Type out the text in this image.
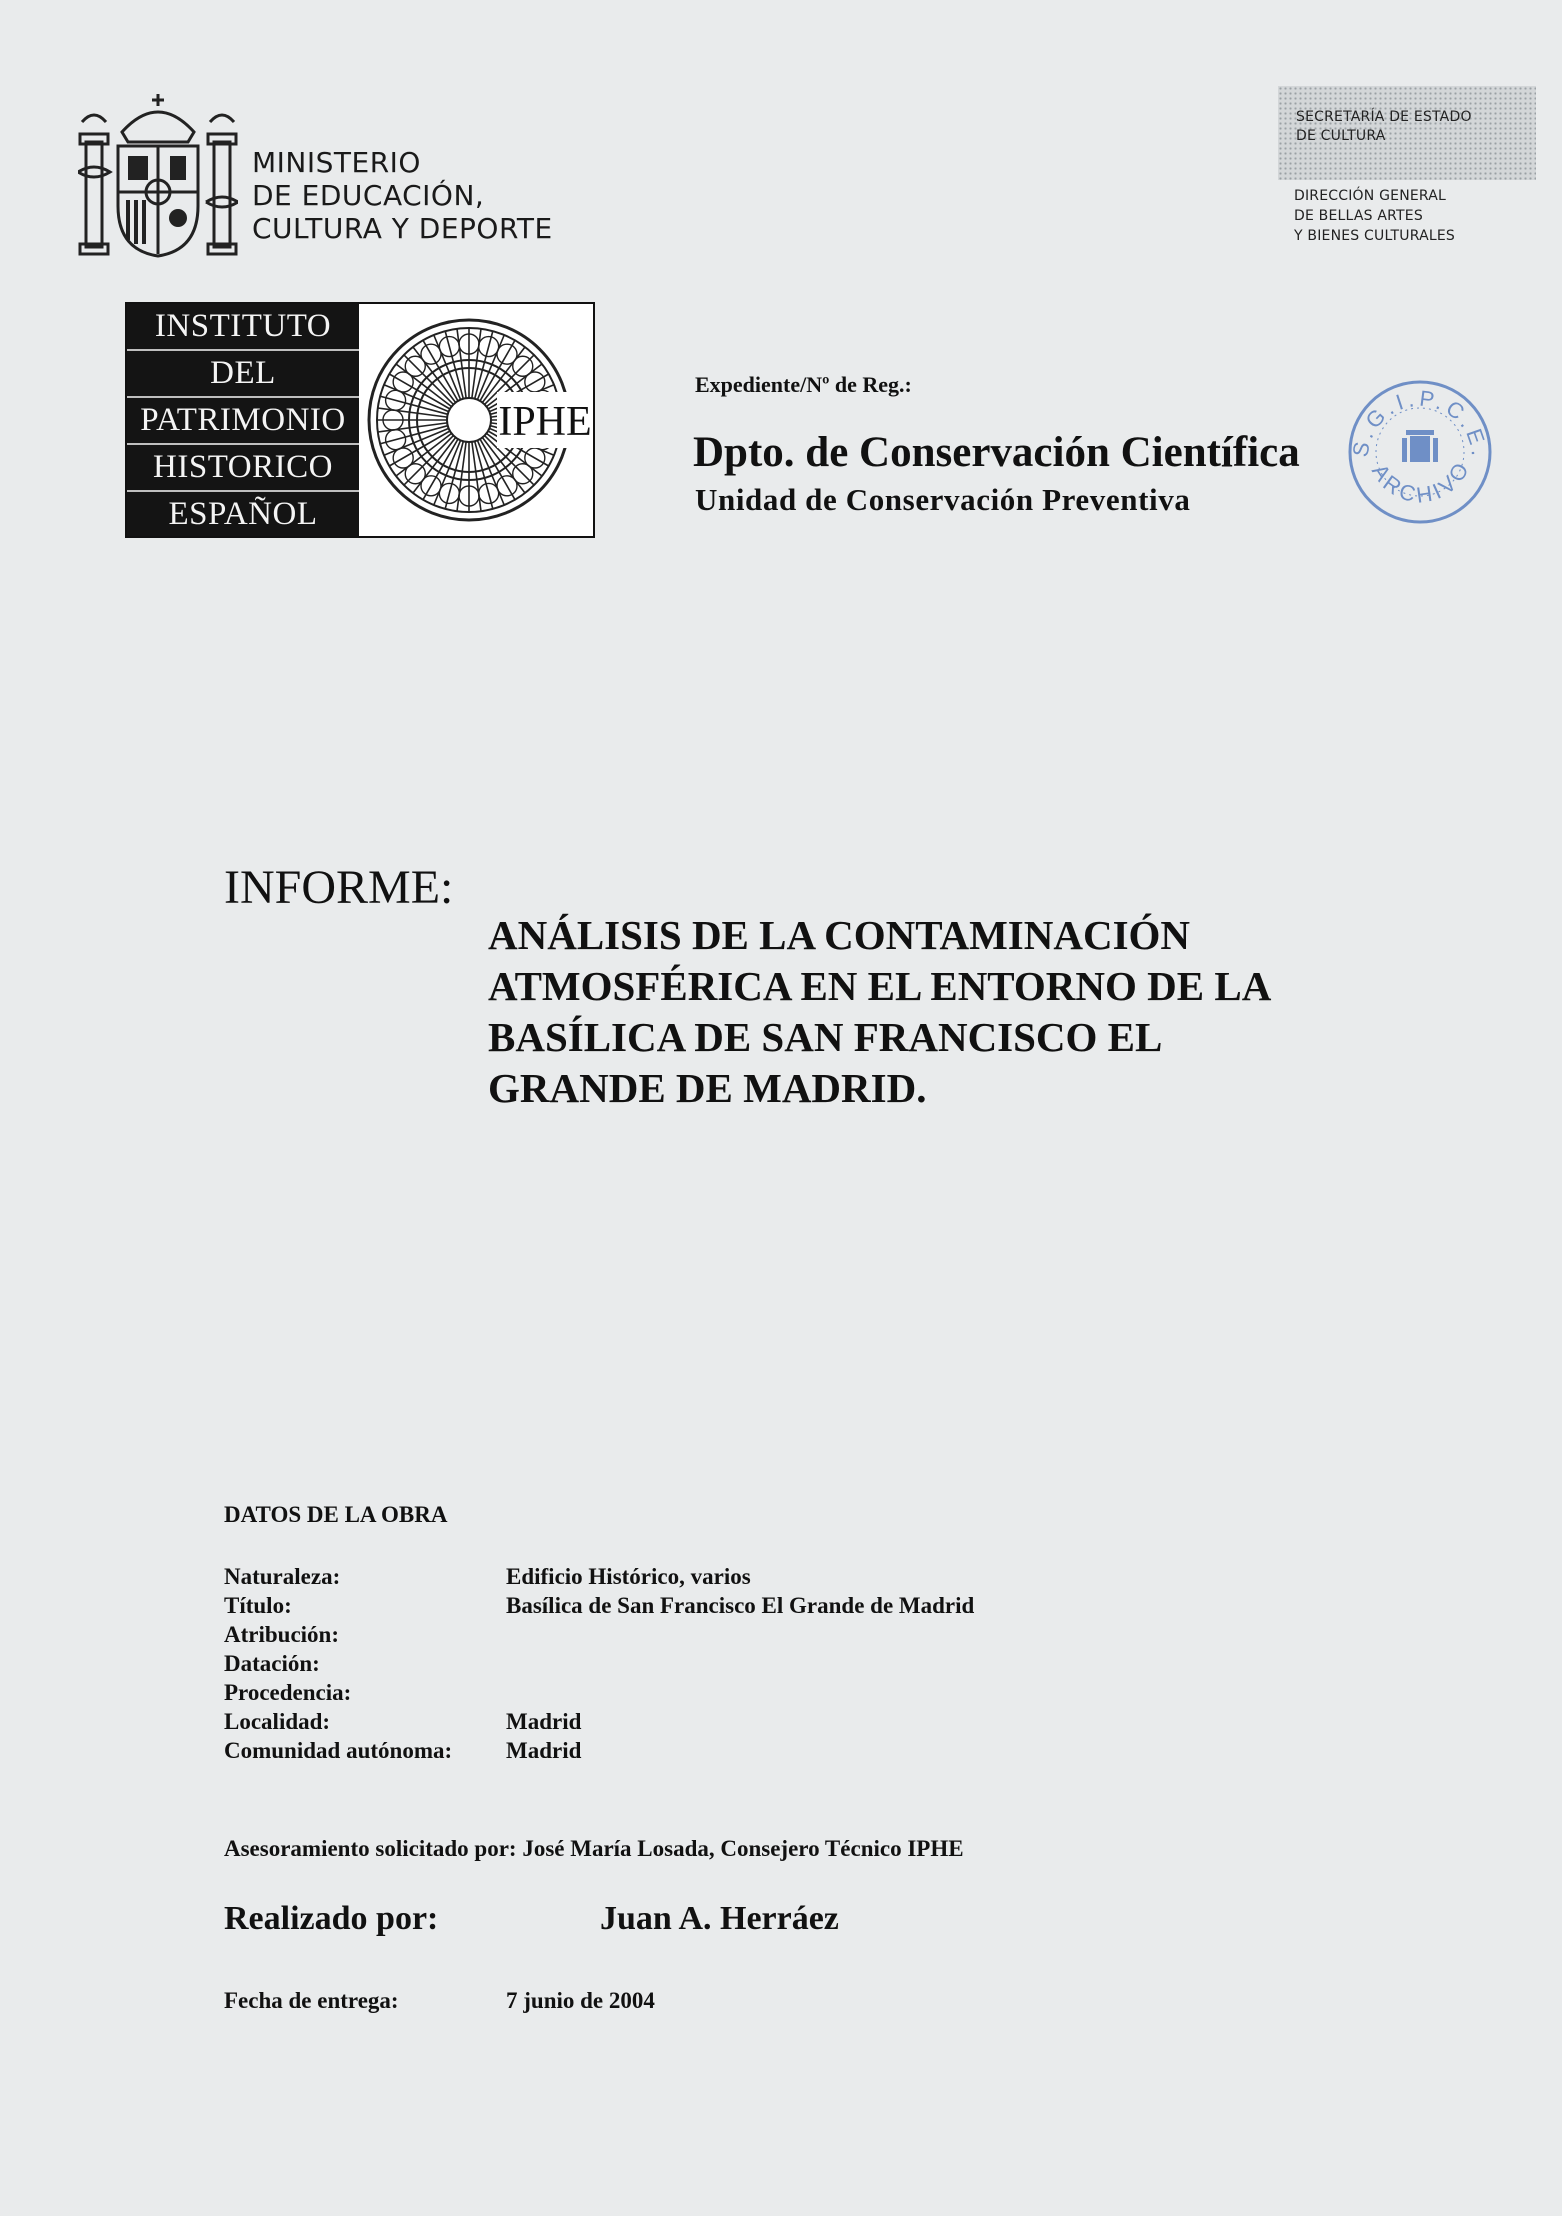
MINISTERIO
DE EDUCACIÓN,
CULTURA Y DEPORTE
SECRETARÍA DE ESTADO
DE CULTURA
DIRECCIÓN GENERAL
DE BELLAS ARTES
Y BIENES CULTURALES
INSTITUTO
DEL
PATRIMONIO
HISTORICO
ESPAÑOL
IPHE
Expediente/Nº de Reg.:
Dpto. de Conservación Científica
Unidad de Conservación Preventiva
S.G.I.P.C.E.
ARCHIVO
INFORME:
ANÁLISIS DE LA CONTAMINACIÓN
ATMOSFÉRICA EN EL ENTORNO DE LA
BASÍLICA DE SAN FRANCISCO EL
GRANDE DE MADRID.
DATOS DE LA OBRA
Naturaleza:	Edificio Histórico, varios
Título:	Basílica de San Francisco El Grande de Madrid
Atribución:
Datación:
Procedencia:
Localidad:	Madrid
Comunidad autónoma:	Madrid
Asesoramiento solicitado por: José María Losada, Consejero Técnico IPHE
Realizado por:	Juan A. Herráez
Fecha de entrega:	7 junio de 2004
